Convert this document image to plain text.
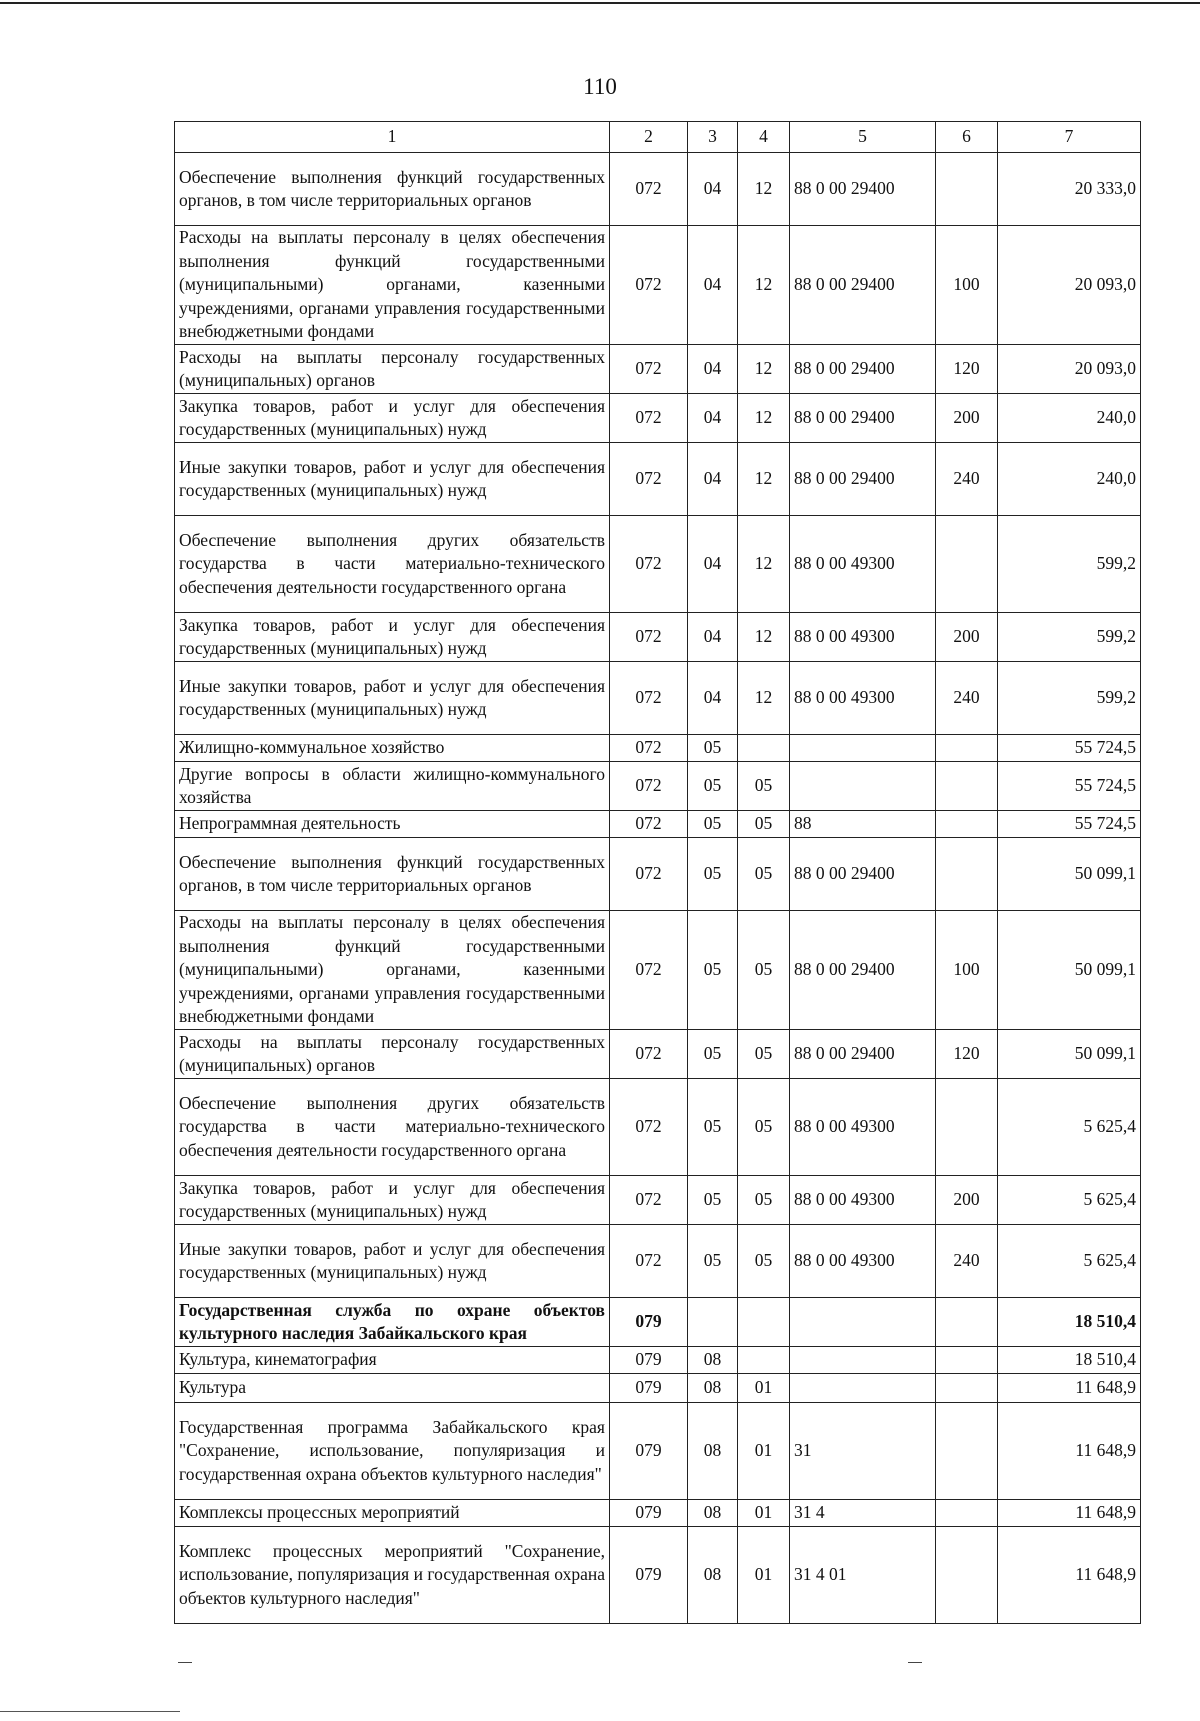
110
1	2	3	4	5	6	7
Обеспечение выполнения функций государственных органов, в том числе территориальных органов	072	04	12	88 0 00 29400		20 333,0
Расходы на выплаты персоналу в целях обеспечения выполнения функций государственными (муниципальными) органами, казенными учреждениями, органами управления государственными внебюджетными фондами	072	04	12	88 0 00 29400	100	20 093,0
Расходы на выплаты персоналу государственных (муниципальных) органов	072	04	12	88 0 00 29400	120	20 093,0
Закупка товаров, работ и услуг для обеспечения государственных (муниципальных) нужд	072	04	12	88 0 00 29400	200	240,0
Иные закупки товаров, работ и услуг для обеспечения государственных (муниципальных) нужд	072	04	12	88 0 00 29400	240	240,0
Обеспечение выполнения других обязательств государства в части материально-технического обеспечения деятельности государственного органа	072	04	12	88 0 00 49300		599,2
Закупка товаров, работ и услуг для обеспечения государственных (муниципальных) нужд	072	04	12	88 0 00 49300	200	599,2
Иные закупки товаров, работ и услуг для обеспечения государственных (муниципальных) нужд	072	04	12	88 0 00 49300	240	599,2
Жилищно-коммунальное хозяйство	072	05				55 724,5
Другие вопросы в области жилищно-коммунального хозяйства	072	05	05			55 724,5
Непрограммная деятельность	072	05	05	88		55 724,5
Обеспечение выполнения функций государственных органов, в том числе территориальных органов	072	05	05	88 0 00 29400		50 099,1
Расходы на выплаты персоналу в целях обеспечения выполнения функций государственными (муниципальными) органами, казенными учреждениями, органами управления государственными внебюджетными фондами	072	05	05	88 0 00 29400	100	50 099,1
Расходы на выплаты персоналу государственных (муниципальных) органов	072	05	05	88 0 00 29400	120	50 099,1
Обеспечение выполнения других обязательств государства в части материально-технического обеспечения деятельности государственного органа	072	05	05	88 0 00 49300		5 625,4
Закупка товаров, работ и услуг для обеспечения государственных (муниципальных) нужд	072	05	05	88 0 00 49300	200	5 625,4
Иные закупки товаров, работ и услуг для обеспечения государственных (муниципальных) нужд	072	05	05	88 0 00 49300	240	5 625,4
Государственная служба по охране объектов культурного наследия Забайкальского края	079					18 510,4
Культура, кинематография	079	08				18 510,4
Культура	079	08	01			11 648,9
Государственная программа Забайкальского края "Сохранение, использование, популяризация и государственная охрана объектов культурного наследия"	079	08	01	31		11 648,9
Комплексы процессных мероприятий	079	08	01	31 4		11 648,9
Комплекс процессных мероприятий "Сохранение, использование, популяризация и государственная охрана объектов культурного наследия"	079	08	01	31 4 01		11 648,9
